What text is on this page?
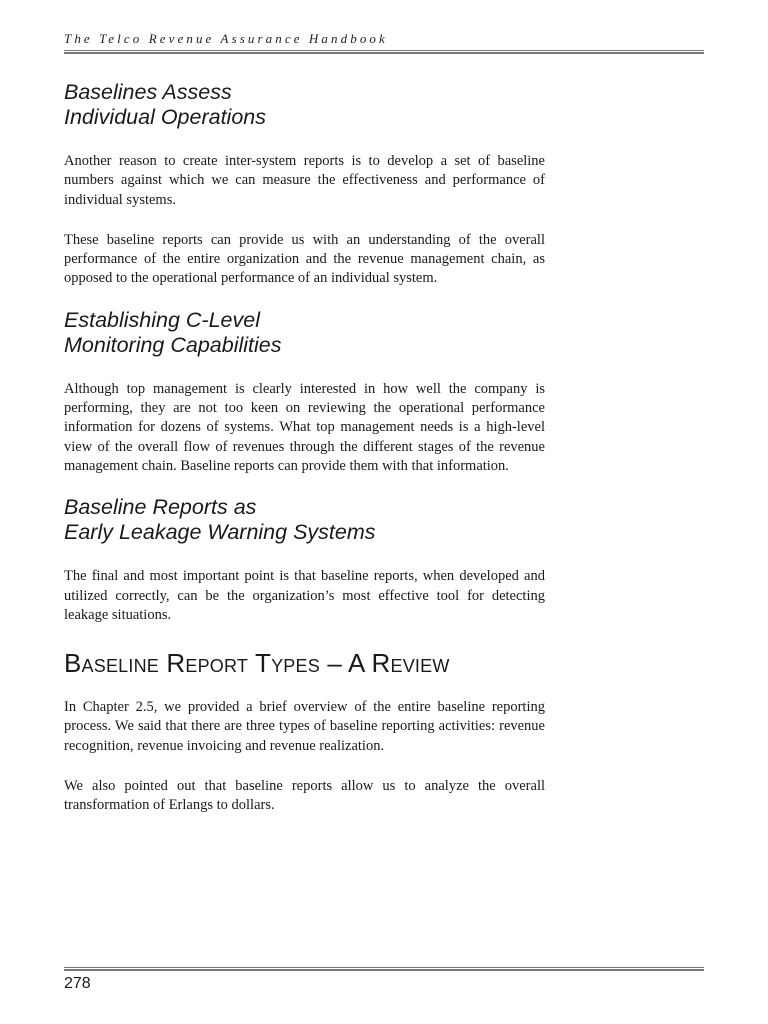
The Telco Revenue Assurance Handbook
Baselines Assess
Individual Operations

Another reason to create inter-system reports is to develop a set of baseline numbers against which we can measure the effectiveness and performance of individual systems.

These baseline reports can provide us with an understanding of the overall performance of the entire organization and the revenue management chain, as opposed to the operational performance of an individual system.

Establishing C-Level
Monitoring Capabilities

Although top management is clearly interested in how well the company is performing, they are not too keen on reviewing the operational performance information for dozens of systems. What top management needs is a high-level view of the overall flow of revenues through the different stages of the revenue management chain. Baseline reports can provide them with that information.

Baseline Reports as
Early Leakage Warning Systems

The final and most important point is that baseline reports, when developed and utilized correctly, can be the organization’s most effective tool for detecting leakage situations.

Baseline Report Types – A Review

In Chapter 2.5, we provided a brief overview of the entire baseline reporting process. We said that there are three types of baseline reporting activities: revenue recognition, revenue invoicing and revenue realization.

We also pointed out that baseline reports allow us to analyze the overall transformation of Erlangs to dollars.

278
